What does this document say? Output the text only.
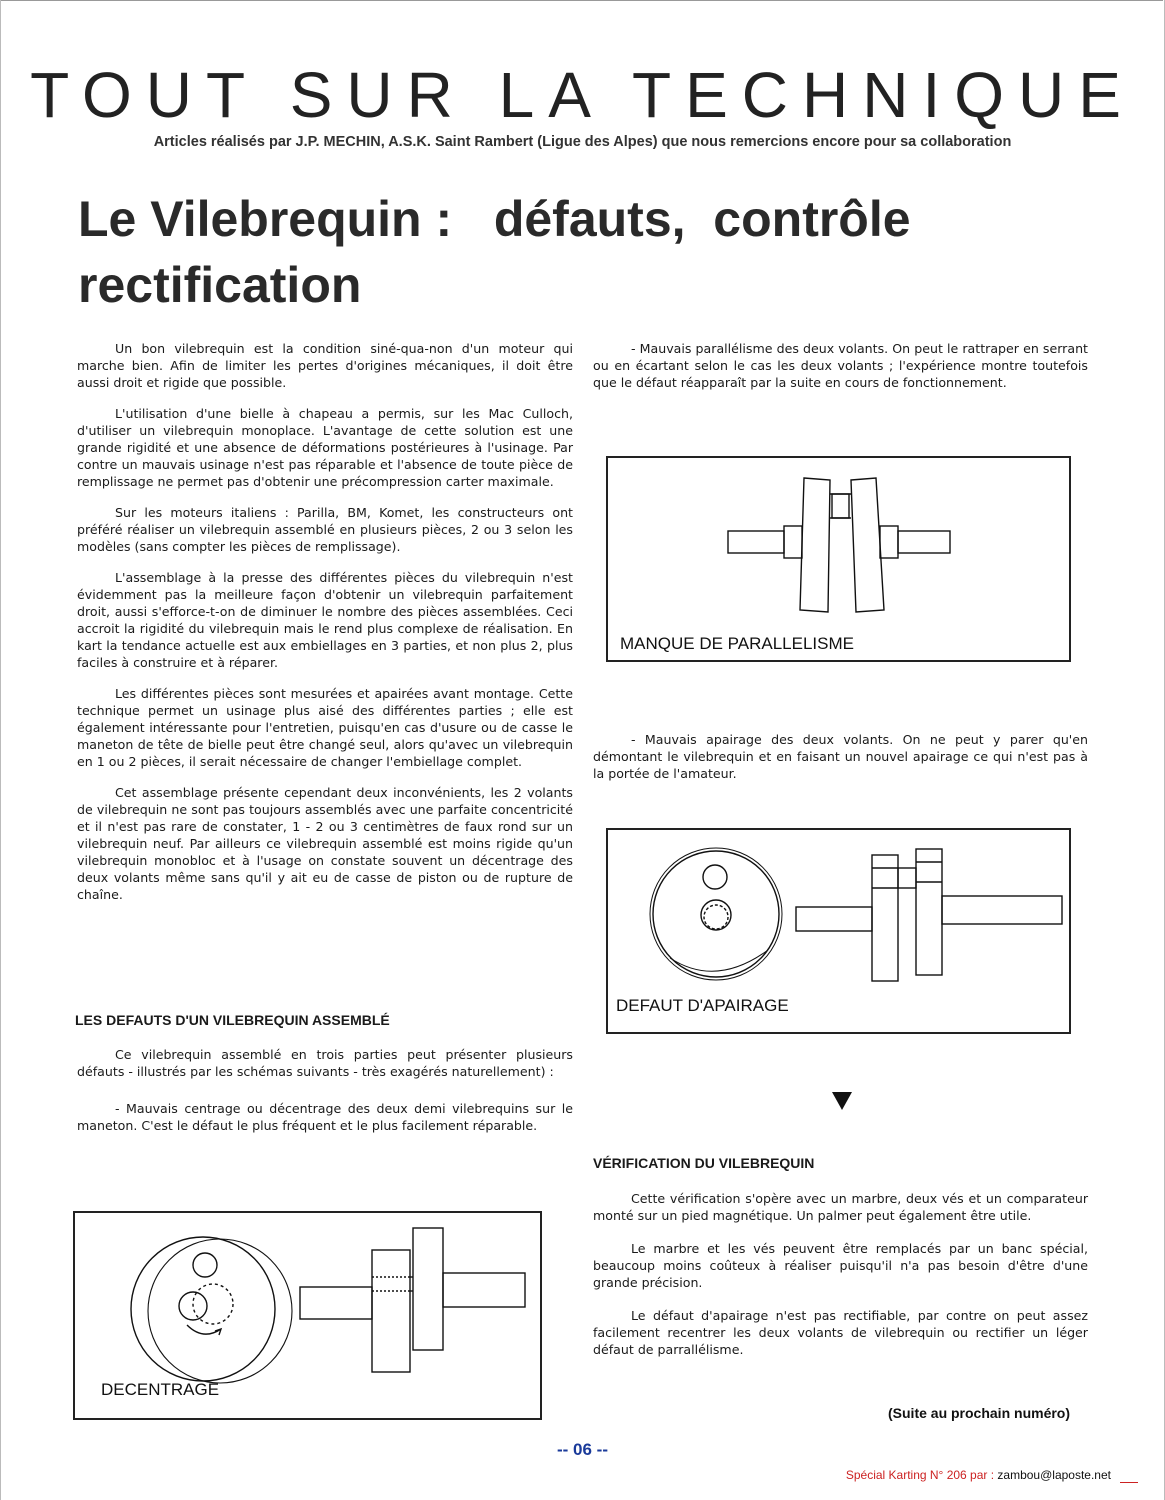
TOUT SUR LA TECHNIQUE
Articles réalisés par J.P. MECHIN, A.S.K. Saint Rambert (Ligue des Alpes) que nous remercions encore pour sa collaboration
Le Vilebrequin :   défauts,  contrôle
rectification

Un bon vilebrequin est la condition siné-qua-non d'un moteur qui marche bien. Afin de limiter les pertes d'origines mécaniques, il doit être aussi droit et rigide que possible.

L'utilisation d'une bielle à chapeau a permis, sur les Mac Culloch, d'utiliser un vilebrequin monoplace. L'avantage de cette solution est une grande rigidité et une absence de déformations postérieures à l'usinage. Par contre un mauvais usinage n'est pas réparable et l'absence de toute pièce de remplissage ne permet pas d'obtenir une précompression carter maximale.

Sur les moteurs italiens : Parilla, BM, Komet, les constructeurs ont préféré réaliser un vilebrequin assemblé en plusieurs pièces, 2 ou 3 selon les modèles (sans compter les pièces de remplissage).

L'assemblage à la presse des différentes pièces du vilebrequin n'est évidemment pas la meilleure façon d'obtenir un vilebrequin parfaitement droit, aussi s'efforce-t-on de diminuer le nombre des pièces assemblées. Ceci accroit la rigidité du vilebrequin mais le rend plus complexe de réalisation. En kart la tendance actuelle est aux embiellages en 3 parties, et non plus 2, plus faciles à construire et à réparer.

Les différentes pièces sont mesurées et apairées avant montage. Cette technique permet un usinage plus aisé des différentes parties ; elle est également intéressante pour l'entretien, puisqu'en cas d'usure ou de casse le maneton de tête de bielle peut être changé seul, alors qu'avec un vilebrequin en 1 ou 2 pièces, il serait nécessaire de changer l'embiellage complet.

Cet assemblage présente cependant deux inconvénients, les 2 volants de vilebrequin ne sont pas toujours assemblés avec une parfaite concentricité et il n'est pas rare de constater, 1 - 2 ou 3 centimètres de faux rond sur un vilebrequin neuf. Par ailleurs ce vilebrequin assemblé est moins rigide qu'un vilebrequin monobloc et à l'usage on constate souvent un décentrage des deux volants même sans qu'il y ait eu de casse de piston ou de rupture de chaîne.

LES DEFAUTS D'UN VILEBREQUIN ASSEMBLÉ

Ce vilebrequin assemblé en trois parties peut présenter plusieurs défauts - illustrés par les schémas suivants - très exagérés naturellement) :

- Mauvais centrage ou décentrage des deux demi vilebrequins sur le maneton. C'est le défaut le plus fréquent et le plus facilement réparable.

DECENTRAGE

- Mauvais parallélisme des deux volants. On peut le rattraper en serrant ou en écartant selon le cas les deux volants ; l'expérience montre toutefois que le défaut réapparaît par la suite en cours de fonctionnement.

MANQUE DE PARALLELISME

- Mauvais apairage des deux volants. On ne peut y parer qu'en démontant le vilebrequin et en faisant un nouvel apairage ce qui n'est pas à la portée de l'amateur.

DEFAUT D'APAIRAGE
VÉRIFICATION DU VILEBREQUIN

Cette vérification s'opère avec un marbre, deux vés et un comparateur monté sur un pied magnétique. Un palmer peut également être utile.

Le marbre et les vés peuvent être remplacés par un banc spécial, beaucoup moins coûteux à réaliser puisqu'il n'a pas besoin d'être d'une grande précision.

Le défaut d'apairage n'est pas rectifiable, par contre on peut assez facilement recentrer les deux volants de vilebrequin ou rectifier un léger défaut de parrallélisme.

(Suite au prochain numéro)
-- 06 --
Spécial Karting N° 206 par : zambou@laposte.net
